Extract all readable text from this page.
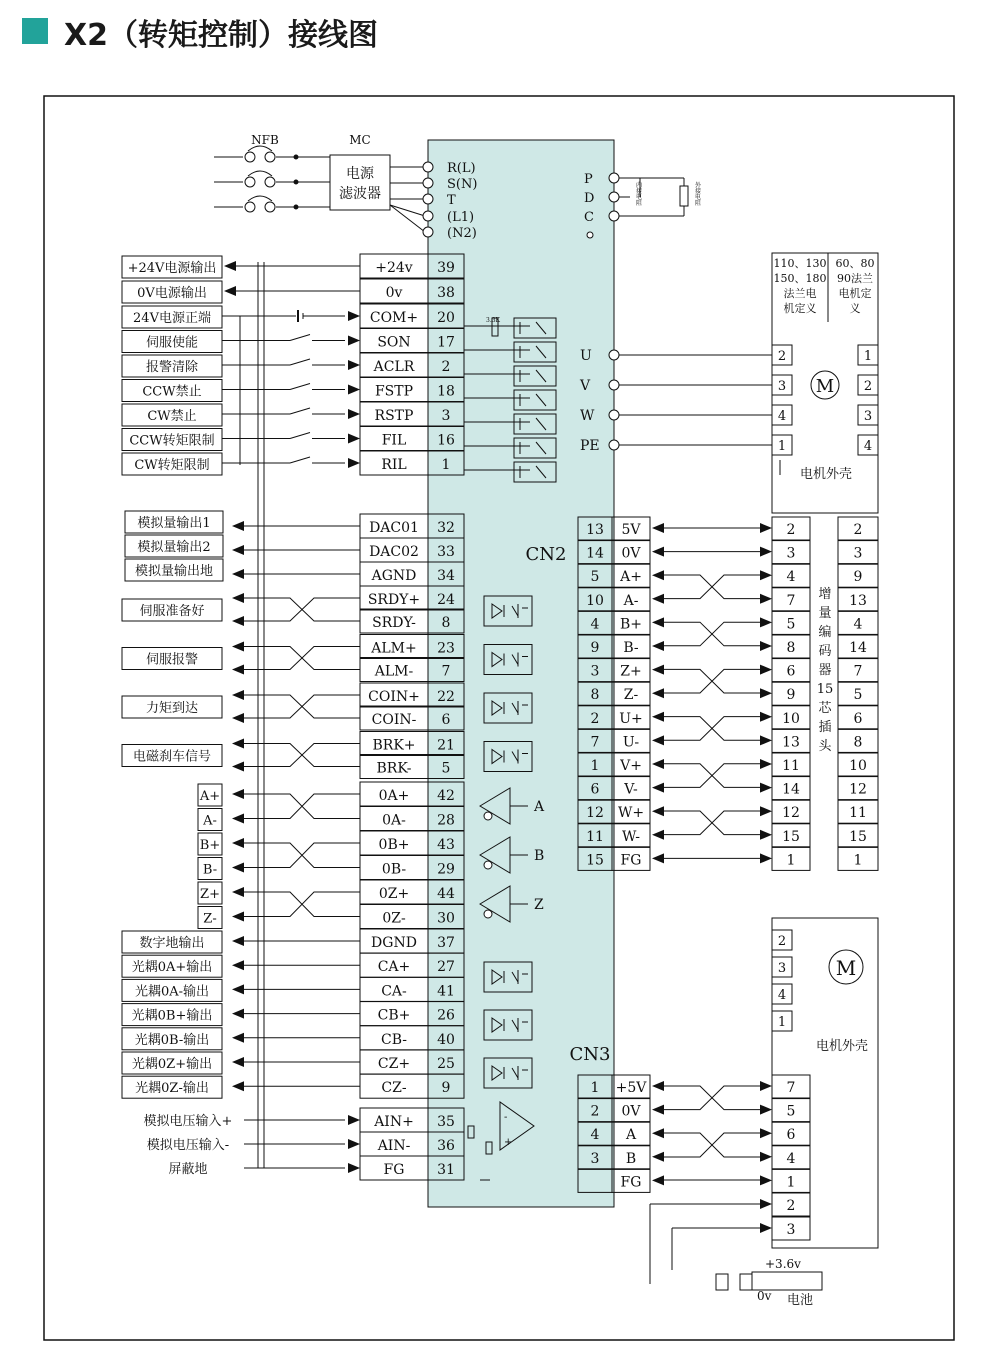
X2（转矩控制）接线图
NFB	MC
电源
滤波器
R(L)
S(N)
T
(L1)
(N2)
P
D
C
内
接
电
阻
外
接
电
阻
+24v 39
+24V电源输出
0v 38
0V电源输出
COM+ 20
24V电源正端
SON 17
伺服使能
ACLR 2
报警清除
FSTP 18
CCW禁止
RSTP 3
CW禁止
FIL 16
CCW转矩限制
RIL 1
CW转矩限制
3.3K
U
V
W
PE
DAC01 32
模拟量输出1
DAC02 33
模拟量输出2
AGND 34
模拟量输出地
SRDY+ 24
SRDY- 8
伺服准备好
ALM+ 23
ALM- 7
伺服报警
COIN+ 22
COIN- 6
力矩到达
BRK+ 21
BRK- 5
电磁刹车信号
0A+ 42
A+
0A- 28
A-
0B+ 43
B+
0B- 29
B-
0Z+ 44
Z+
0Z- 30
Z-
A
B
Z
DGND 37
数字地输出
CA+ 27
光耦0A+输出
CA- 41
光耦0A-输出
CB+ 26
光耦0B+输出
CB- 40
光耦0B-输出
CZ+ 25
光耦0Z+输出
CZ- 9
光耦0Z-输出
AIN+ 35
模拟电压输入+
AIN- 36
模拟电压输入-
FG 31
屏蔽地
-
+
CN2
13 5V	2	2
14 0V	3	3
5 A+	4	9
10 A-	7	13
4 B+	5	4
9 B-	8	14
3 Z+	6	7
8 Z-	9	5
2 U+	10	6
7 U-	13	8
1 V+	11	10
6 V-	14	12
12 W+	12	11
11 W-	15	15
15 FG	1	1
增
量
编
码
器
15
芯
插
头
110、130
150、180
法兰电
机定义
60、80
90法兰
电机定
义
2	1
3	2
4	3
1	4
M
电机外壳
2
3
4
1
M
电机外壳
CN3
1 +5V	7
2 0V	5
4 A	6
3 B	4
FG	1
2
3
+3.6v
0v 电池
